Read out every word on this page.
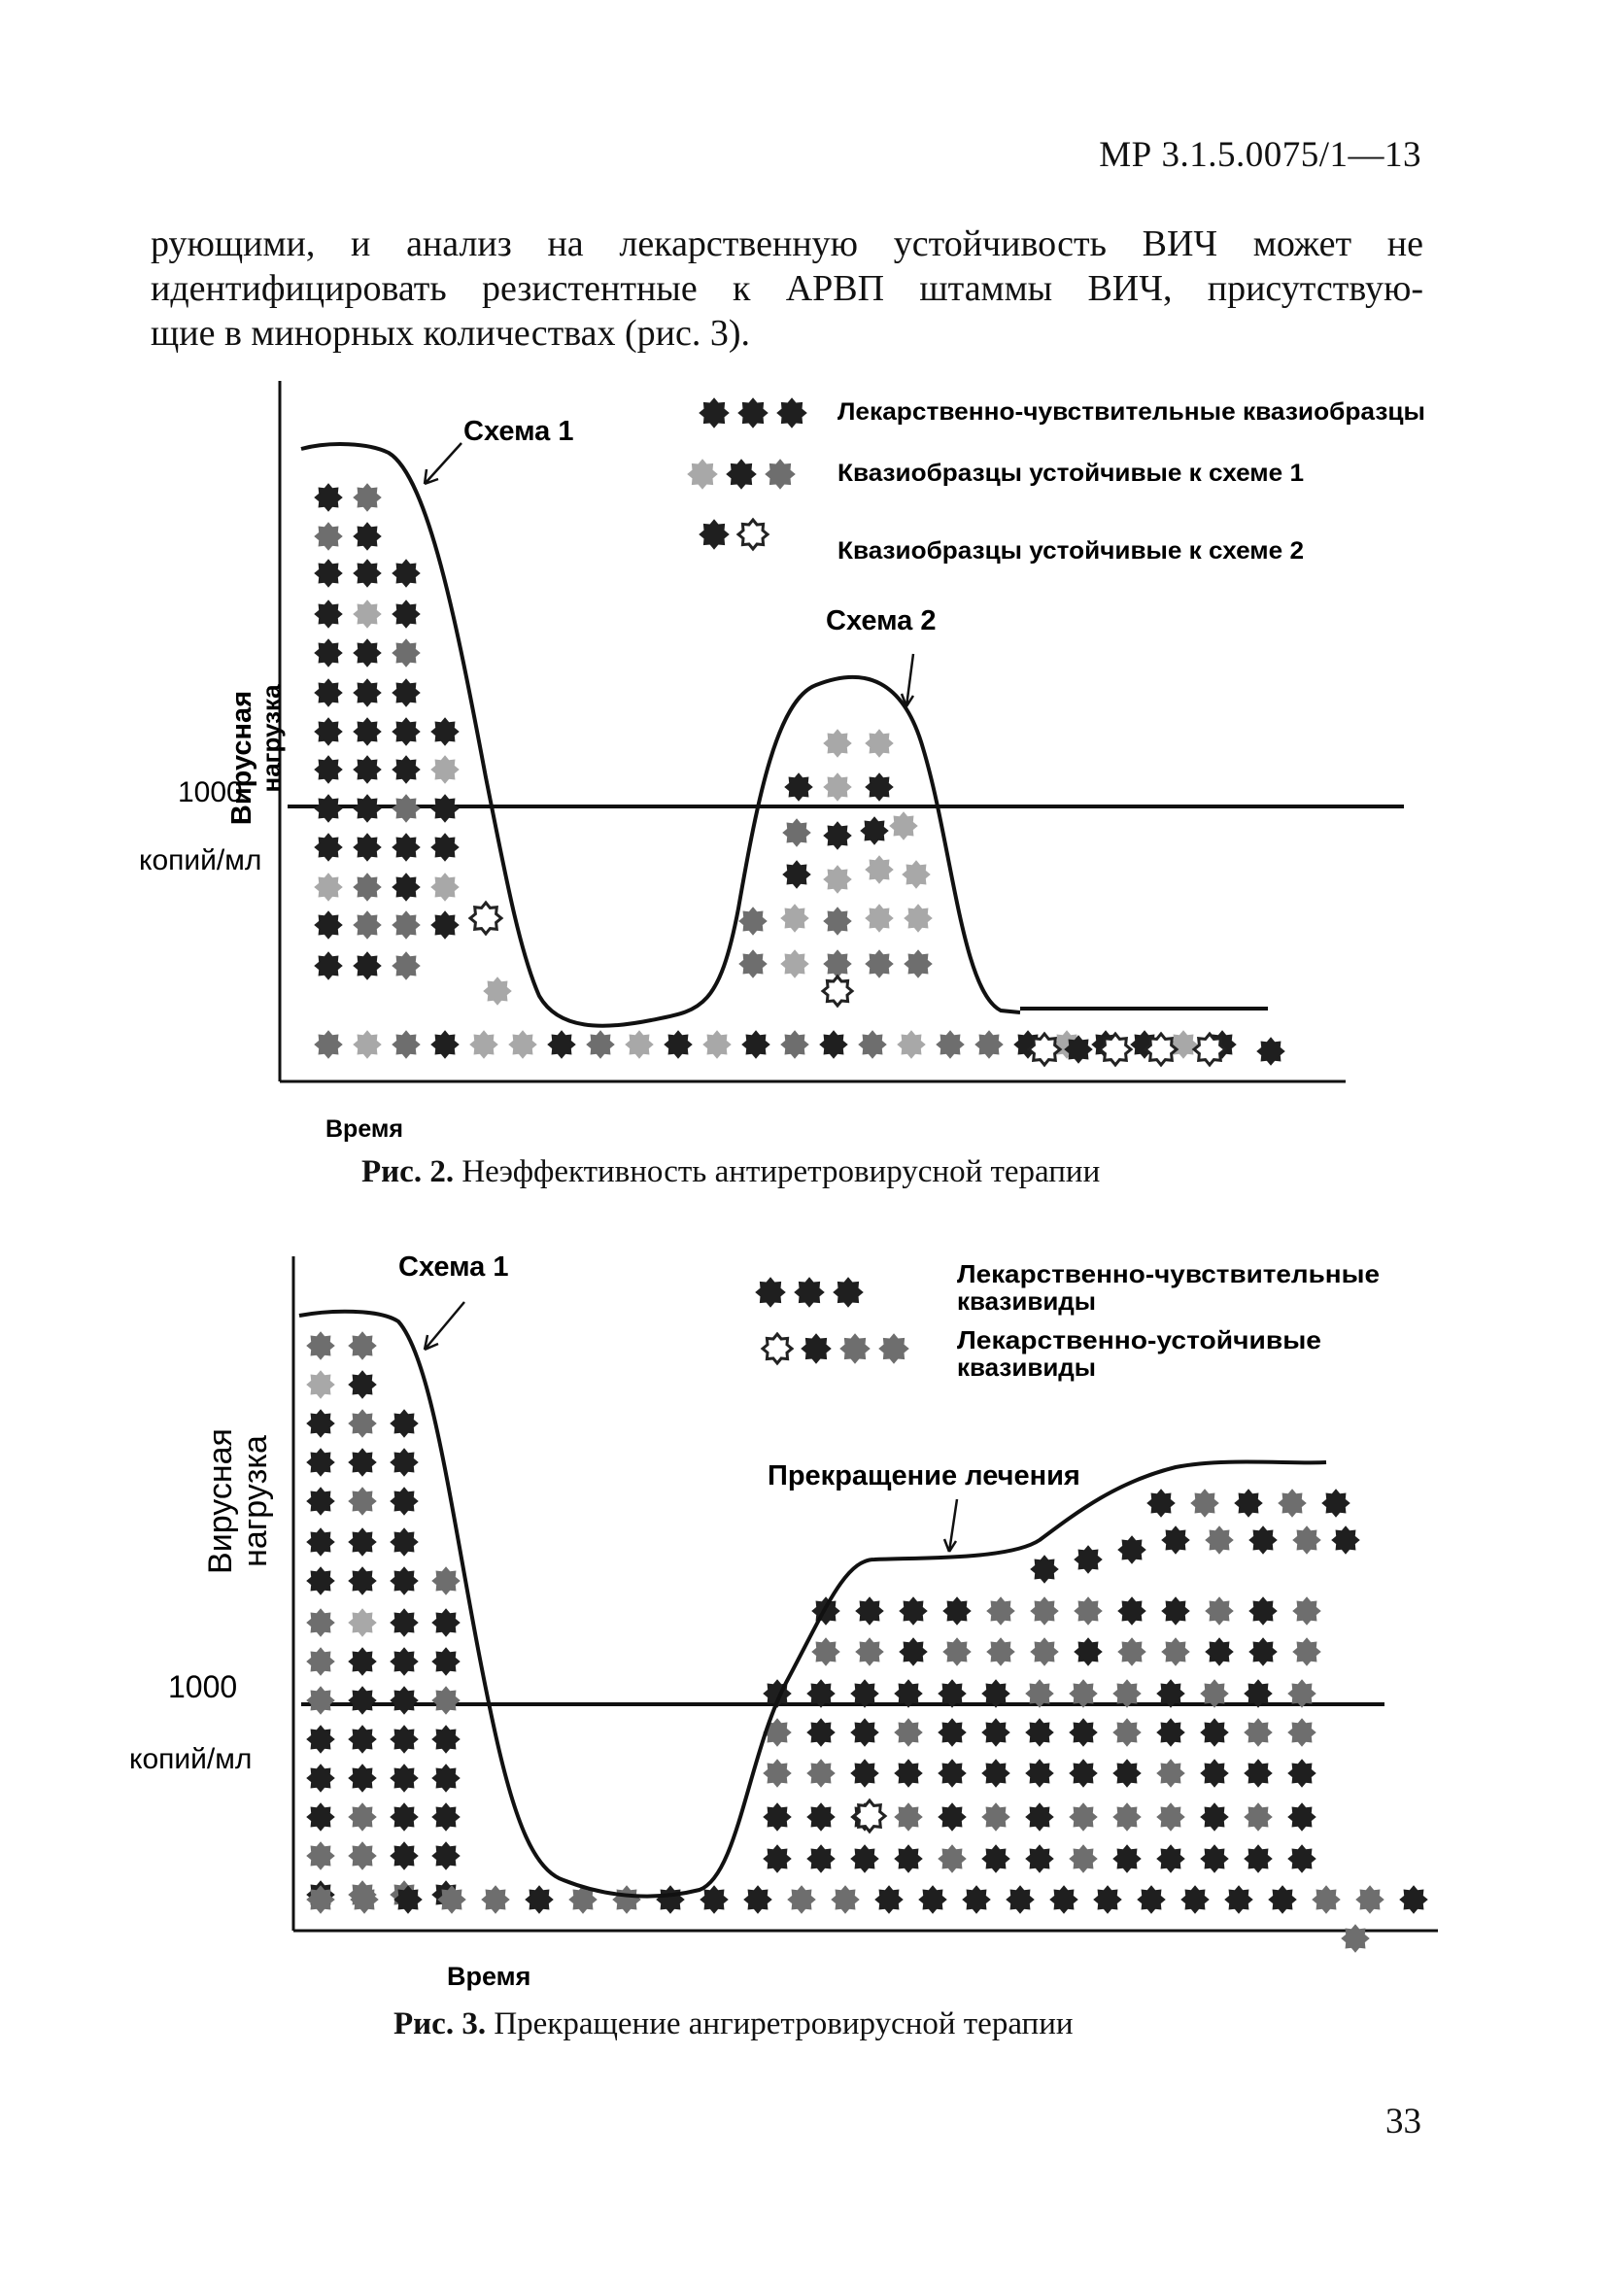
МР 3.1.5.0075/1—13
рующими, и анализ на лекарственную устойчивость ВИЧ может не
идентифицировать резистентные к АРВП штаммы ВИЧ, присутствую-
щие в минорных количествах (рис. 3).
Схема 1
Схема 2
Вирусная нагрузка
1000
копий/мл
Время
Лекарственно-чувствительные квазиобразцы
Квазиобразцы устойчивые к схеме 1
Квазиобразцы устойчивые к схеме 2
Рис. 2. Неэффективность антиретровирусной терапии
Схема 1
Прекращение лечения
Вирусная
нагрузка
1000
копий/мл
Время
Лекарственно-чувствительные
квазивиды
Лекарственно-устойчивые
квазивиды
Рис. 3. Прекращение ангиретровирусной терапии
33
